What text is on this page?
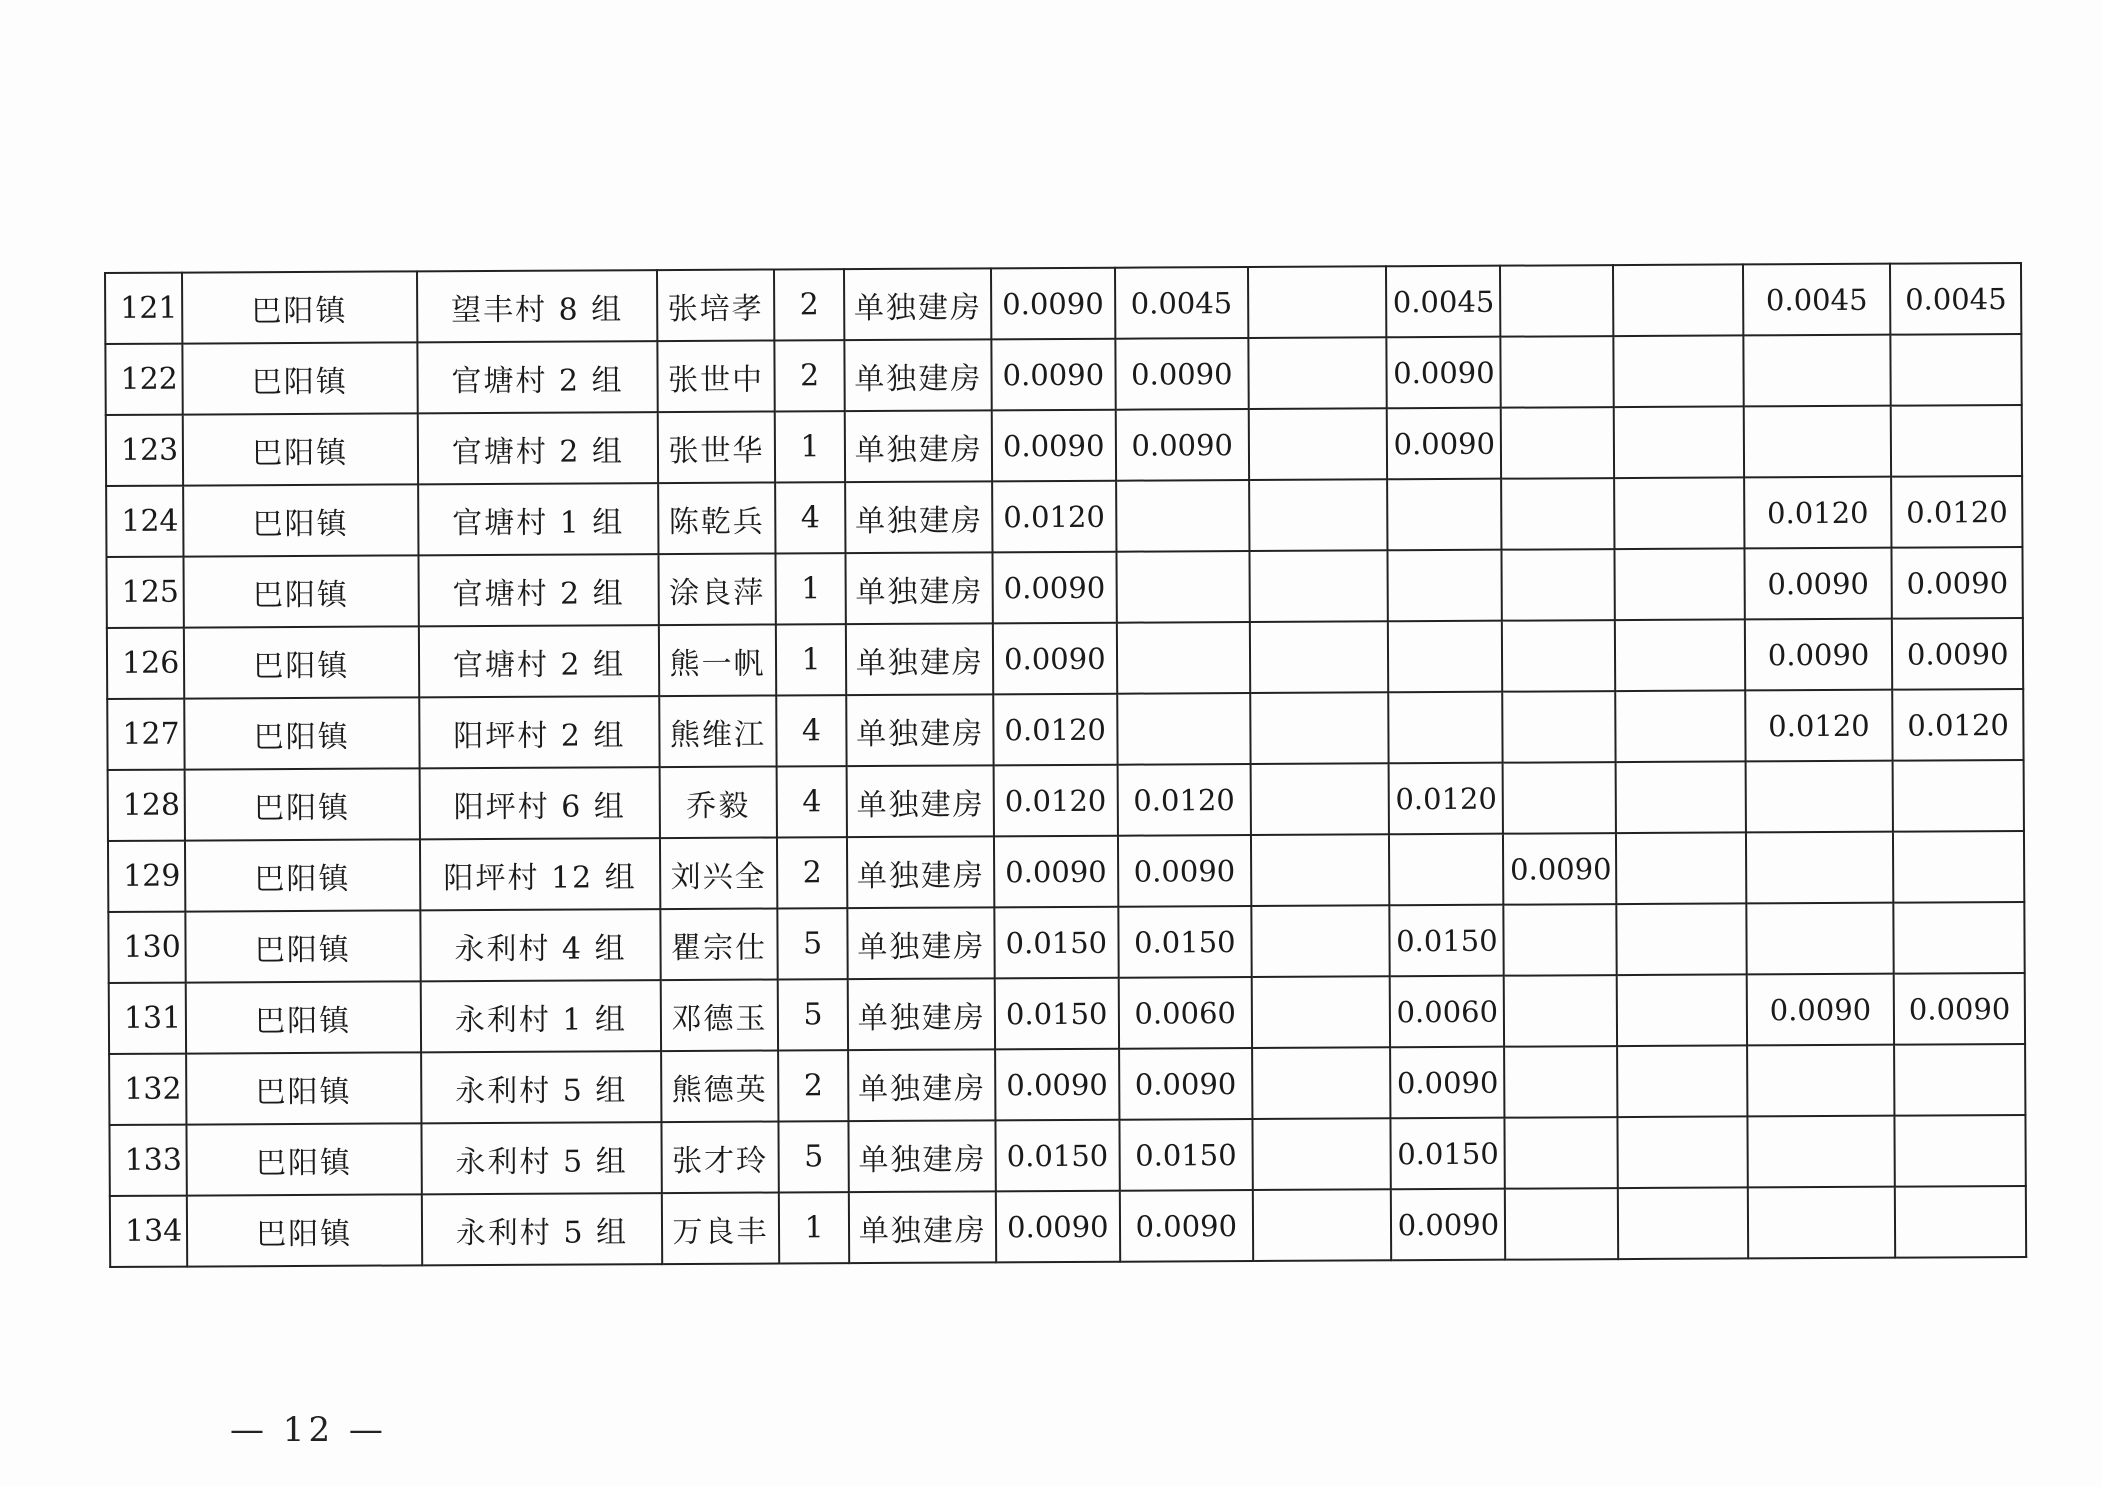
121	巴阳镇	望丰村 8 组	张培孝	2	单独建房	0.0090	0.0045		0.0045			0.0045	0.0045
122	巴阳镇	官塘村 2 组	张世中	2	单独建房	0.0090	0.0090		0.0090				
123	巴阳镇	官塘村 2 组	张世华	1	单独建房	0.0090	0.0090		0.0090				
124	巴阳镇	官塘村 1 组	陈乾兵	4	单独建房	0.0120						0.0120	0.0120
125	巴阳镇	官塘村 2 组	涂良萍	1	单独建房	0.0090						0.0090	0.0090
126	巴阳镇	官塘村 2 组	熊一帆	1	单独建房	0.0090						0.0090	0.0090
127	巴阳镇	阳坪村 2 组	熊维江	4	单独建房	0.0120						0.0120	0.0120
128	巴阳镇	阳坪村 6 组	乔毅	4	单独建房	0.0120	0.0120		0.0120				
129	巴阳镇	阳坪村 12 组	刘兴全	2	单独建房	0.0090	0.0090			0.0090			
130	巴阳镇	永利村 4 组	瞿宗仕	5	单独建房	0.0150	0.0150		0.0150				
131	巴阳镇	永利村 1 组	邓德玉	5	单独建房	0.0150	0.0060		0.0060			0.0090	0.0090
132	巴阳镇	永利村 5 组	熊德英	2	单独建房	0.0090	0.0090		0.0090				
133	巴阳镇	永利村 5 组	张才玲	5	单独建房	0.0150	0.0150		0.0150				
134	巴阳镇	永利村 5 组	万良丰	1	单独建房	0.0090	0.0090		0.0090				
— 12 —
